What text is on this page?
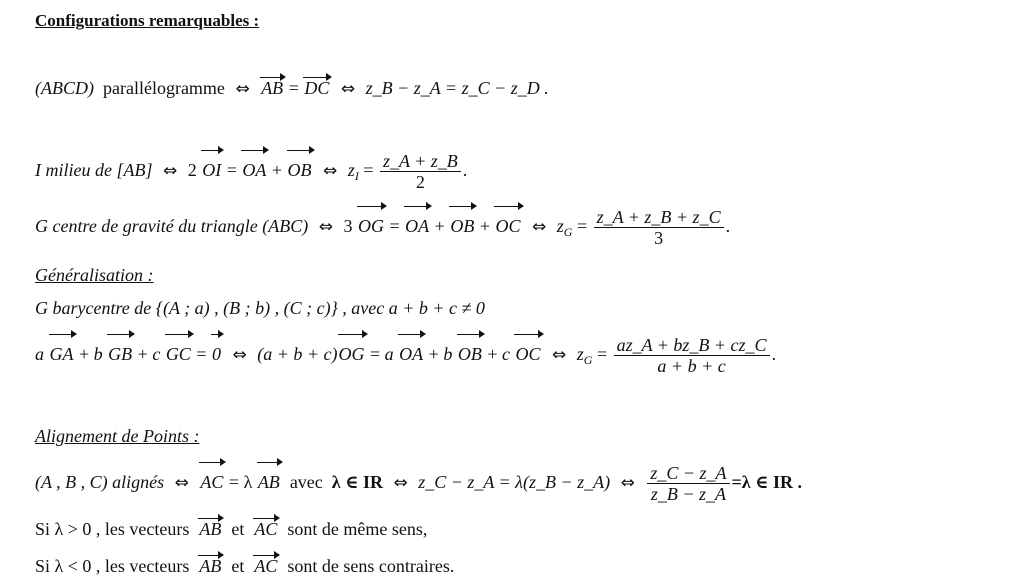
Configurations remarquables :
(ABCD) parallélogramme ⇔ AB = DC ⇔ z_B − z_A = z_C − z_D .
I milieu de [AB] ⇔ 2 OI = OA + OB ⇔ $z_I = \frac{z\_A + z\_B}{2}$ .
G centre de gravité du triangle (ABC) ⇔ 3 OG = OA + OB + OC ⇔ $z_G = \frac{z\_A + z\_B + z\_C}{3}$ .
Généralisation :
G barycentre de {(A ; a) , (B ; b) , (C ; c)} , avec a + b + c ≠ 0
a GA + b GB + c GC = 0 ⇔ (a + b + c)OG = a OA + b OB + c OC ⇔ $z_G = \frac{az\_A + bz\_B + cz\_C}{a + b + c}$ .
Alignement de Points :
(A , B , C) alignés ⇔ AC = λ AB avec λ ∈ IR ⇔ z_C − z_A = λ(z_B − z_A) ⇔ $\frac{z\_C - z\_A}{z\_B - z\_A} =\lambda$ ∈ IR .
Si λ > 0 , les vecteurs AB et AC sont de même sens,
Si λ < 0 , les vecteurs AB et AC sont de sens contraires.
